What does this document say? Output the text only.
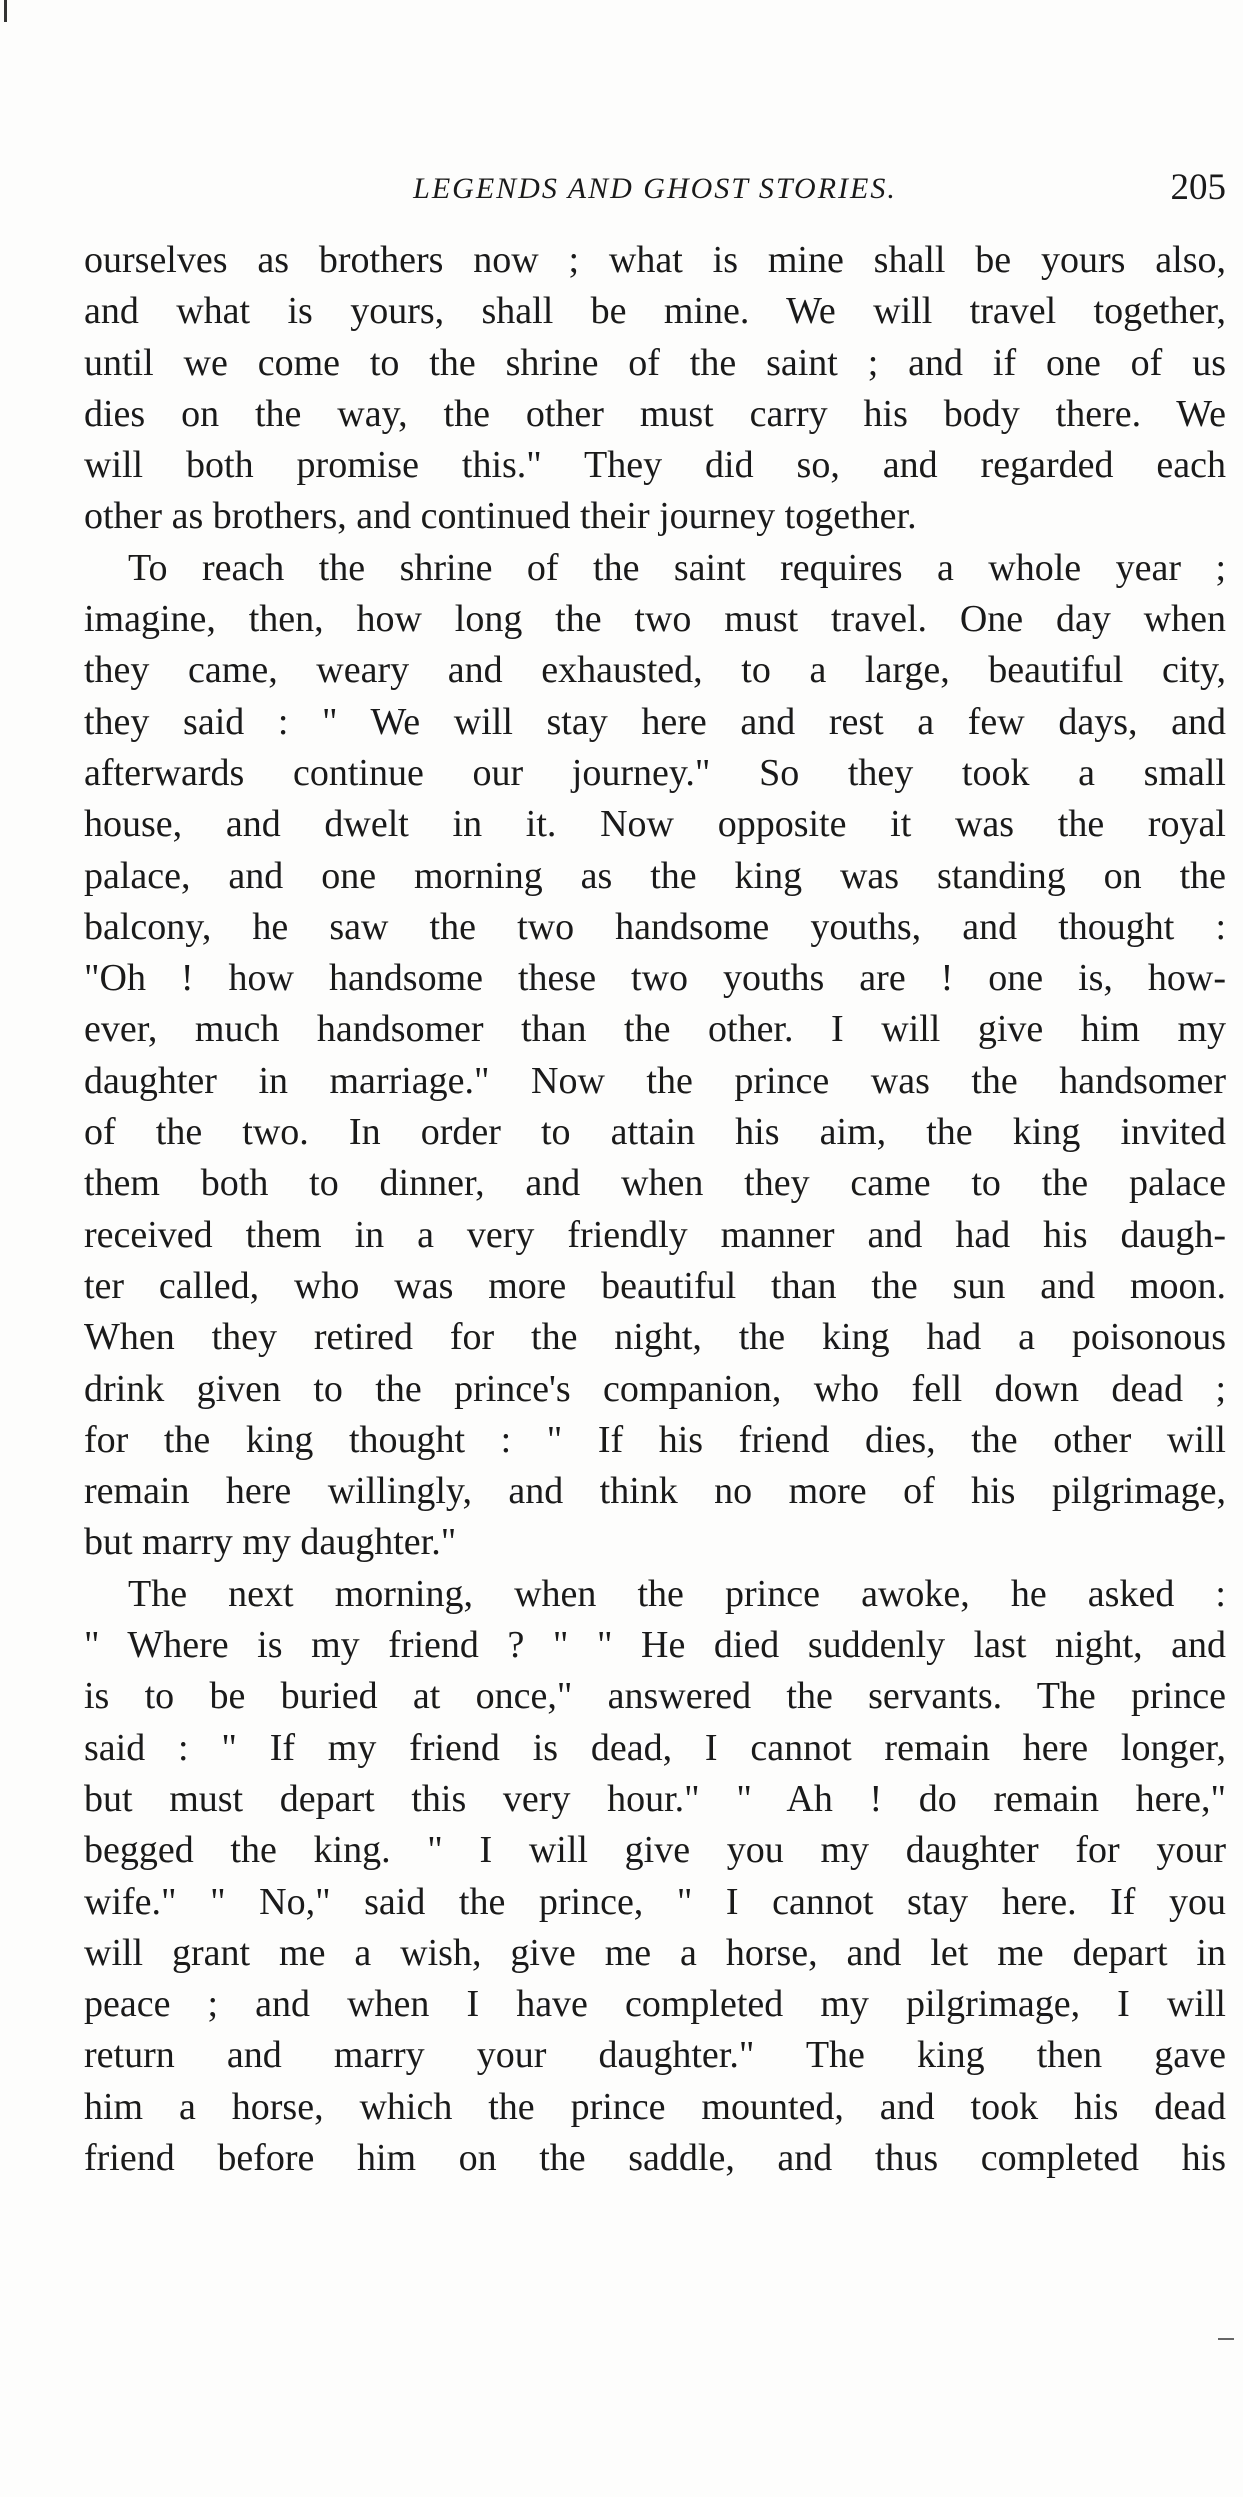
LEGENDS AND GHOST STORIES.	205
ourselves as brothers now ; what is mine shall be yours also,
and what is yours, shall be mine. We will travel together,
until we come to the shrine of the saint ; and if one of us
dies on the way, the other must carry his body there. We
will both promise this." They did so, and regarded each
other as brothers, and continued their journey together.
To reach the shrine of the saint requires a whole year ;
imagine, then, how long the two must travel. One day when
they came, weary and exhausted, to a large, beautiful city,
they said : " We will stay here and rest a few days, and
afterwards continue our journey." So they took a small
house, and dwelt in it. Now opposite it was the royal
palace, and one morning as the king was standing on the
balcony, he saw the two handsome youths, and thought :
"Oh ! how handsome these two youths are ! one is, how-
ever, much handsomer than the other. I will give him my
daughter in marriage." Now the prince was the handsomer
of the two. In order to attain his aim, the king invited
them both to dinner, and when they came to the palace
received them in a very friendly manner and had his daugh-
ter called, who was more beautiful than the sun and moon.
When they retired for the night, the king had a poisonous
drink given to the prince's companion, who fell down dead ;
for the king thought : " If his friend dies, the other will
remain here willingly, and think no more of his pilgrimage,
but marry my daughter."
The next morning, when the prince awoke, he asked :
" Where is my friend ? " " He died suddenly last night, and
is to be buried at once," answered the servants. The prince
said : " If my friend is dead, I cannot remain here longer,
but must depart this very hour." " Ah ! do remain here,"
begged the king. " I will give you my daughter for your
wife." " No," said the prince, " I cannot stay here. If you
will grant me a wish, give me a horse, and let me depart in
peace ; and when I have completed my pilgrimage, I will
return and marry your daughter." The king then gave
him a horse, which the prince mounted, and took his dead
friend before him on the saddle, and thus completed his
